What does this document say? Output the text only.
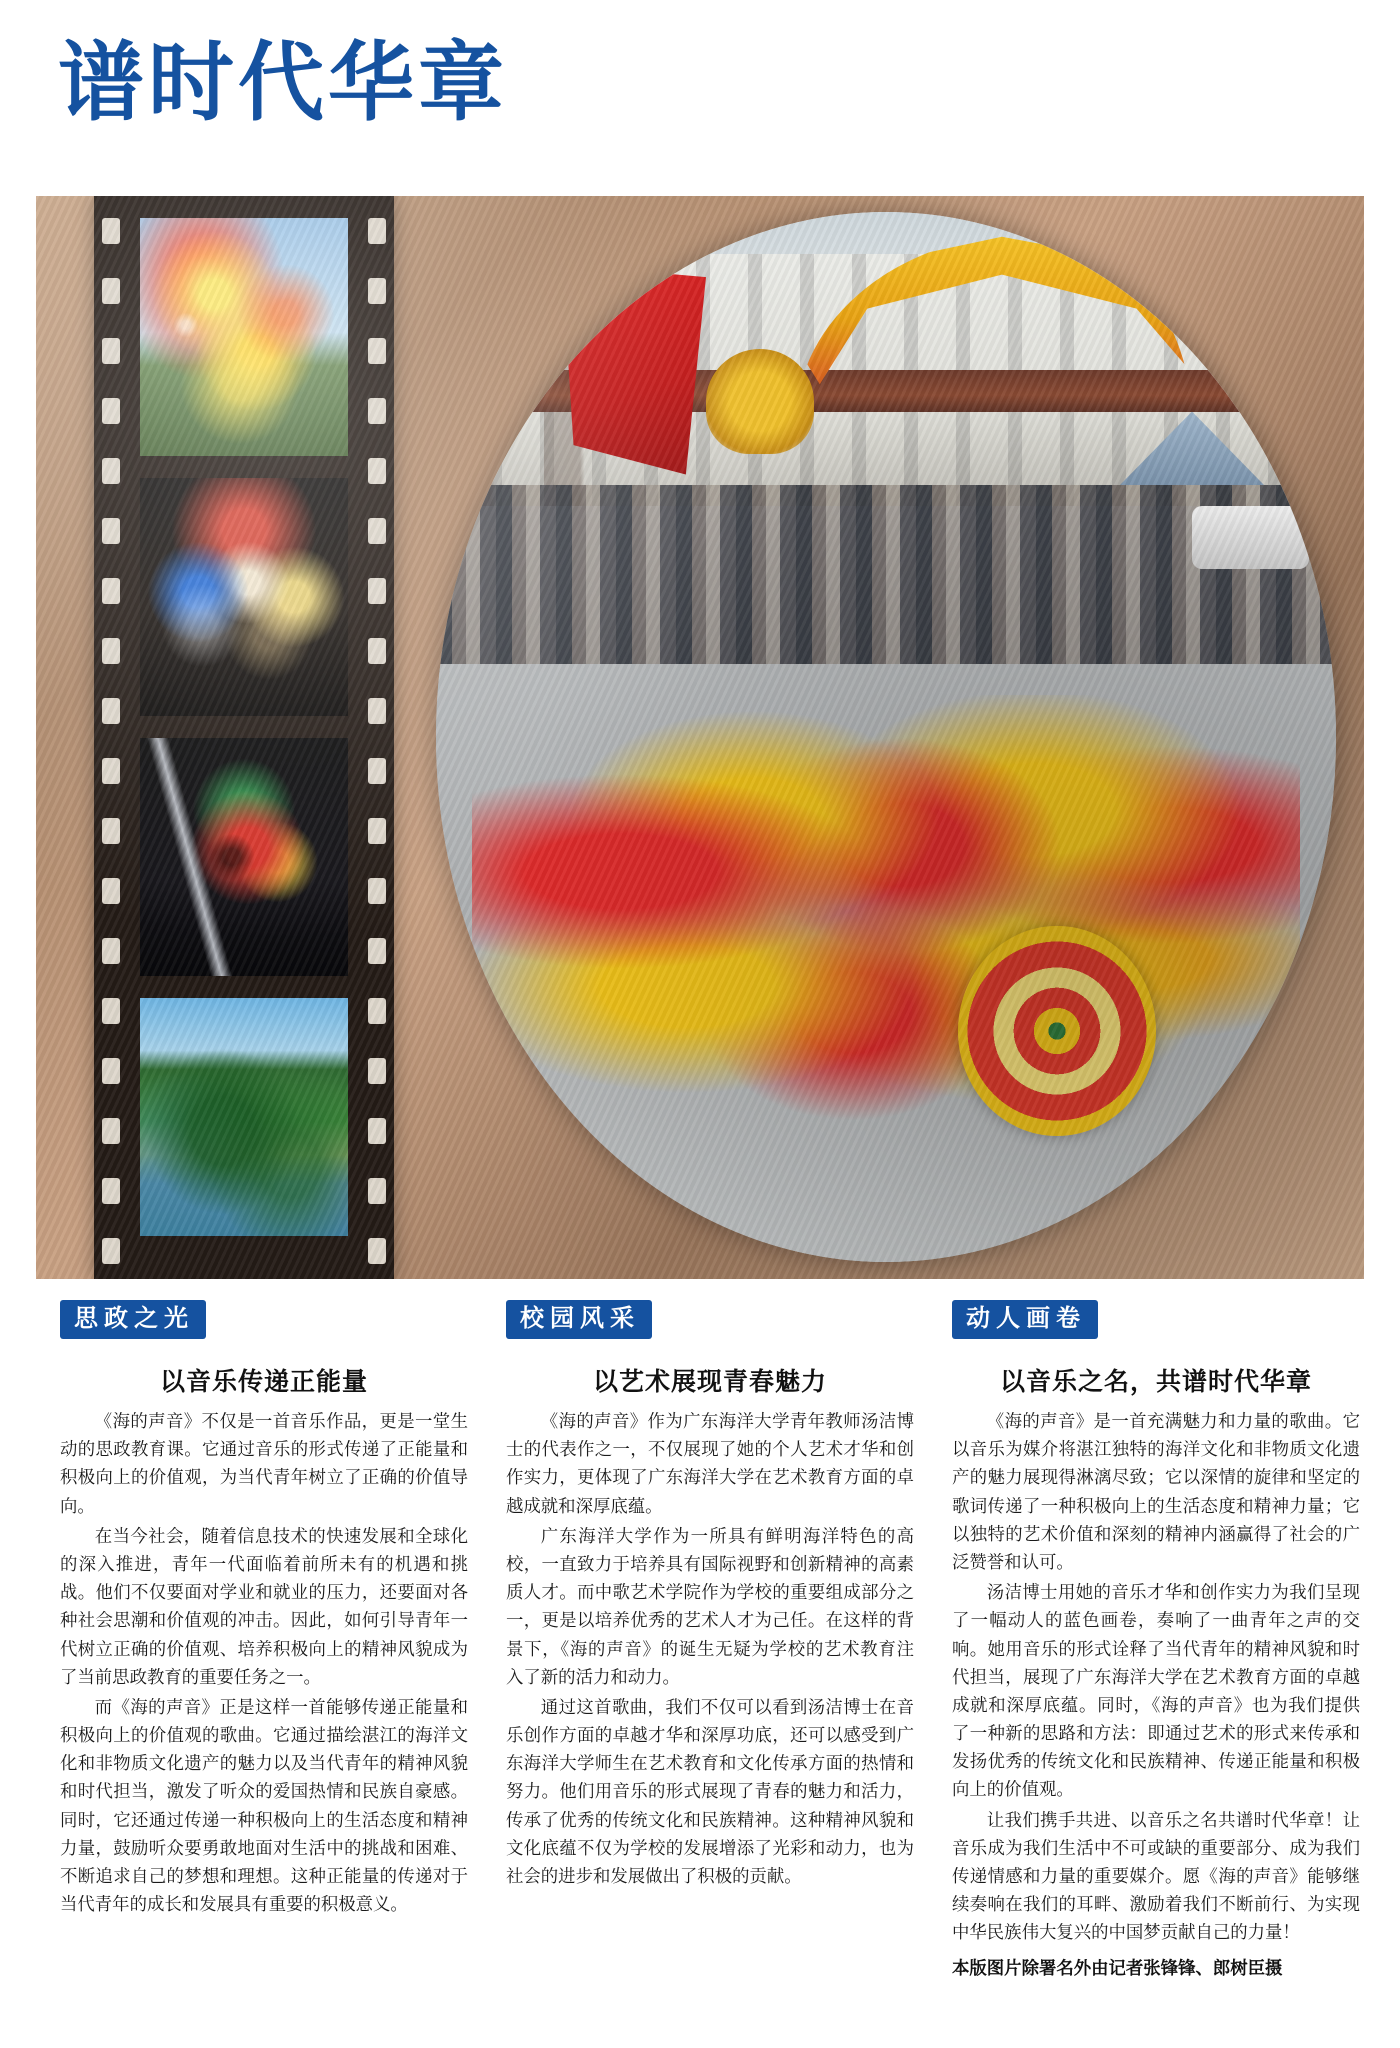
谱时代华章
思政之光
以音乐传递正能量

《海的声音》不仅是一首音乐作品，更是一堂生动的思政教育课。它通过音乐的形式传递了正能量和积极向上的价值观，为当代青年树立了正确的价值导向。

在当今社会，随着信息技术的快速发展和全球化的深入推进，青年一代面临着前所未有的机遇和挑战。他们不仅要面对学业和就业的压力，还要面对各种社会思潮和价值观的冲击。因此，如何引导青年一代树立正确的价值观、培养积极向上的精神风貌成为了当前思政教育的重要任务之一。

而《海的声音》正是这样一首能够传递正能量和积极向上的价值观的歌曲。它通过描绘湛江的海洋文化和非物质文化遗产的魅力以及当代青年的精神风貌和时代担当，激发了听众的爱国热情和民族自豪感。同时，它还通过传递一种积极向上的生活态度和精神力量，鼓励听众要勇敢地面对生活中的挑战和困难、不断追求自己的梦想和理想。这种正能量的传递对于当代青年的成长和发展具有重要的积极意义。

校园风采
以艺术展现青春魅力

《海的声音》作为广东海洋大学青年教师汤洁博士的代表作之一，不仅展现了她的个人艺术才华和创作实力，更体现了广东海洋大学在艺术教育方面的卓越成就和深厚底蕴。

广东海洋大学作为一所具有鲜明海洋特色的高校，一直致力于培养具有国际视野和创新精神的高素质人才。而中歌艺术学院作为学校的重要组成部分之一，更是以培养优秀的艺术人才为己任。在这样的背景下，《海的声音》的诞生无疑为学校的艺术教育注入了新的活力和动力。

通过这首歌曲，我们不仅可以看到汤洁博士在音乐创作方面的卓越才华和深厚功底，还可以感受到广东海洋大学师生在艺术教育和文化传承方面的热情和努力。他们用音乐的形式展现了青春的魅力和活力，传承了优秀的传统文化和民族精神。这种精神风貌和文化底蕴不仅为学校的发展增添了光彩和动力，也为社会的进步和发展做出了积极的贡献。

动人画卷
以音乐之名，共谱时代华章

《海的声音》是一首充满魅力和力量的歌曲。它以音乐为媒介将湛江独特的海洋文化和非物质文化遗产的魅力展现得淋漓尽致；它以深情的旋律和坚定的歌词传递了一种积极向上的生活态度和精神力量；它以独特的艺术价值和深刻的精神内涵赢得了社会的广泛赞誉和认可。

汤洁博士用她的音乐才华和创作实力为我们呈现了一幅动人的蓝色画卷，奏响了一曲青年之声的交响。她用音乐的形式诠释了当代青年的精神风貌和时代担当，展现了广东海洋大学在艺术教育方面的卓越成就和深厚底蕴。同时，《海的声音》也为我们提供了一种新的思路和方法：即通过艺术的形式来传承和发扬优秀的传统文化和民族精神、传递正能量和积极向上的价值观。

让我们携手共进、以音乐之名共谱时代华章！让音乐成为我们生活中不可或缺的重要部分、成为我们传递情感和力量的重要媒介。愿《海的声音》能够继续奏响在我们的耳畔、激励着我们不断前行、为实现中华民族伟大复兴的中国梦贡献自己的力量！

本版图片除署名外由记者张锋锋、郎树臣摄
